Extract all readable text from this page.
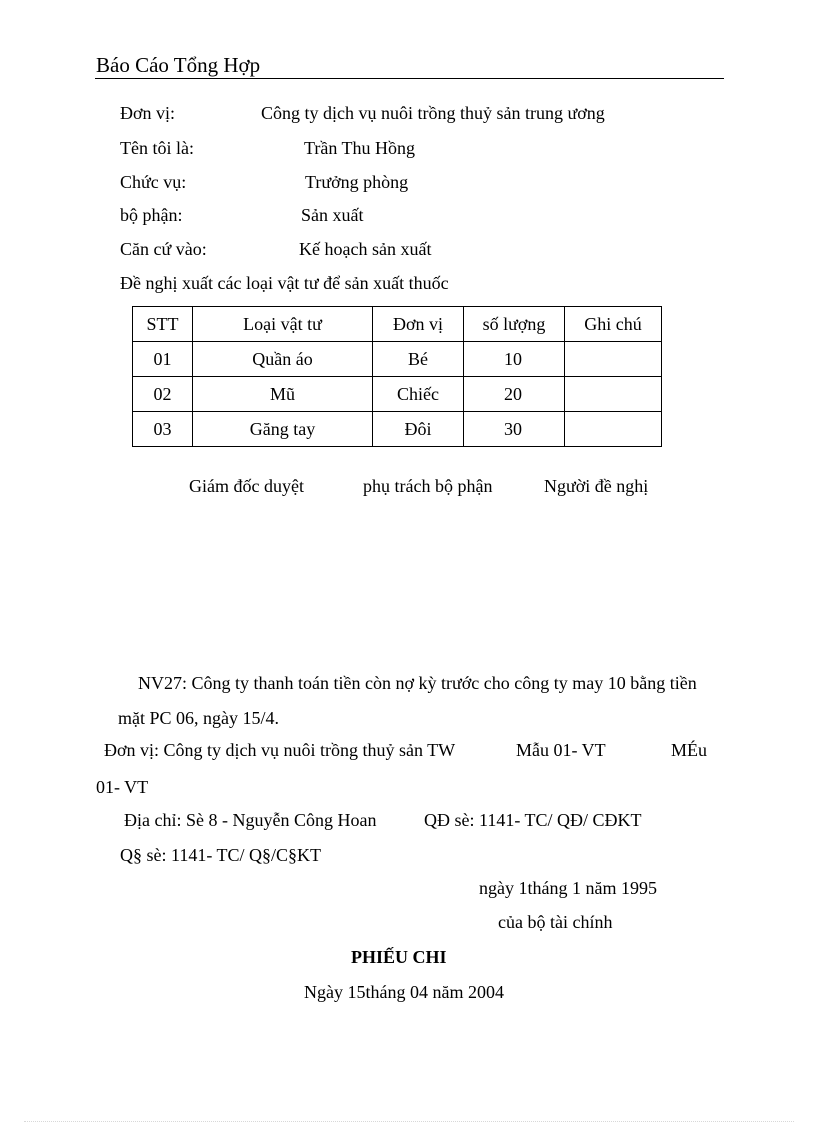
Báo Cáo Tổng Hợp
Đơn vị:	Công ty dịch vụ nuôi trồng thuỷ sản trung ương
Tên tôi là:	Trần Thu Hồng
Chức vụ:	Trưởng phòng
bộ phận:	Sản xuất
Căn cứ vào:	Kế hoạch sản xuất
Đề nghị xuất các loại vật tư để sản xuất thuốc
STT	Loại vật tư	Đơn vị	số lượng	Ghi chú
01	Quần áo	Bé	10	
02	Mũ	Chiếc	20	
03	Găng tay	Đôi	30	
Giám đốc duyệt	phụ trách bộ phận	Người đề nghị
NV27: Công ty thanh toán tiền còn nợ kỳ trước cho công ty may 10 bằng tiền
mặt PC 06, ngày 15/4.
Đơn vị: Công ty dịch vụ nuôi trồng thuỷ sản TW	Mẫu 01- VT	MÉu
01- VT
Địa chỉ: Sè 8 - Nguyễn Công Hoan	QĐ sè: 1141- TC/ QĐ/ CĐKT
Q§ sè: 1141- TC/ Q§/C§KT
ngày 1tháng 1 năm 1995
của bộ tài chính
PHIẾU CHI
Ngày 15tháng 04 năm 2004
